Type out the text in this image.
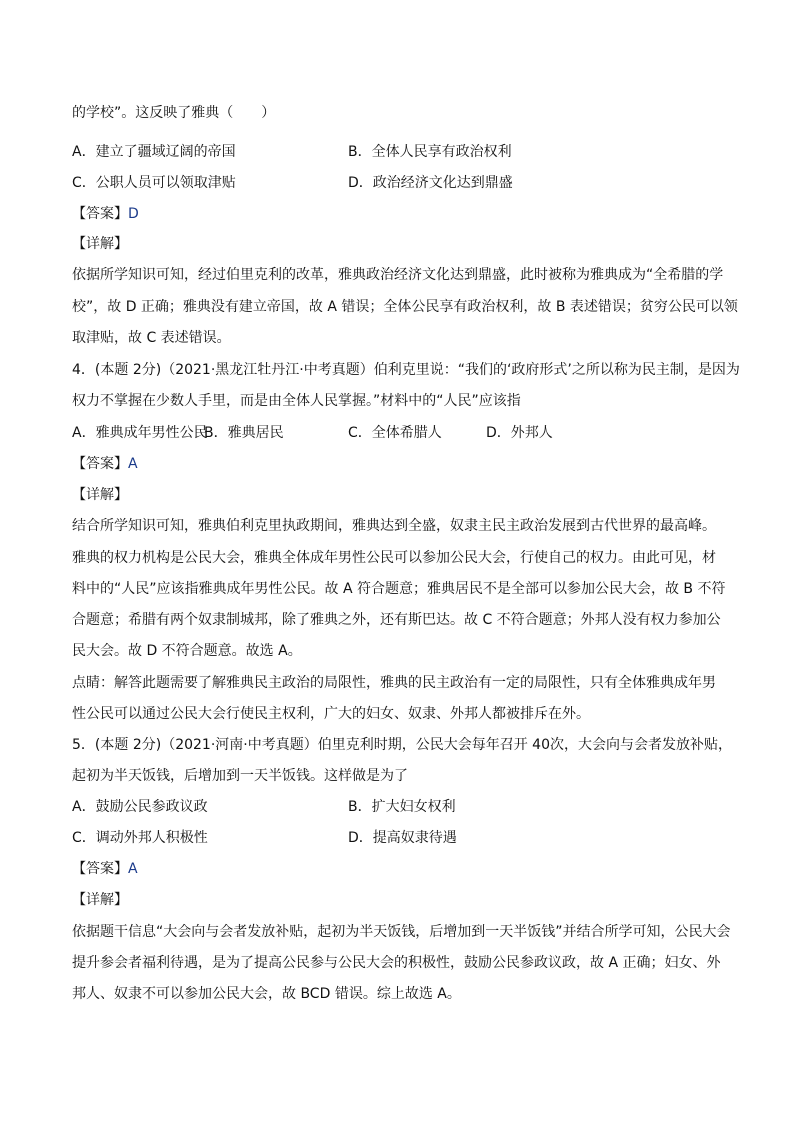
的学校”。这反映了雅典（　　）
A．建立了疆域辽阔的帝国	B．全体人民享有政治权利
C．公职人员可以领取津贴	D．政治经济文化达到鼎盛
【答案】D
【详解】
依据所学知识可知，经过伯里克利的改革，雅典政治经济文化达到鼎盛，此时被称为雅典成为“全希腊的学
校”，故 D 正确；雅典没有建立帝国，故 A 错误；全体公民享有政治权利，故 B 表述错误；贫穷公民可以领
取津贴，故 C 表述错误。
4．(本题 2分)（2021·黑龙江牡丹江·中考真题）伯利克里说：“我们的‘政府形式’之所以称为民主制，是因为
权力不掌握在少数人手里，而是由全体人民掌握。”材料中的“人民”应该指
A．雅典成年男性公民
B．雅典居民	C．全体希腊人	D．外邦人
【答案】A
【详解】
结合所学知识可知，雅典伯利克里执政期间，雅典达到全盛，奴隶主民主政治发展到古代世界的最高峰。
雅典的权力机构是公民大会，雅典全体成年男性公民可以参加公民大会，行使自己的权力。由此可见，材
料中的“人民”应该指雅典成年男性公民。故 A 符合题意；雅典居民不是全部可以参加公民大会，故 B 不符
合题意；希腊有两个奴隶制城邦，除了雅典之外，还有斯巴达。故 C 不符合题意；外邦人没有权力参加公
民大会。故 D 不符合题意。故选 A。
点睛：解答此题需要了解雅典民主政治的局限性，雅典的民主政治有一定的局限性，只有全体雅典成年男
性公民可以通过公民大会行使民主权利，广大的妇女、奴隶、外邦人都被排斥在外。
5．(本题 2分)（2021·河南·中考真题）伯里克利时期，公民大会每年召开 40次，大会向与会者发放补贴，
起初为半天饭钱，后增加到一天半饭钱。这样做是为了
A．鼓励公民参政议政	B．扩大妇女权利
C．调动外邦人积极性	D．提高奴隶待遇
【答案】A
【详解】
依据题干信息“大会向与会者发放补贴，起初为半天饭钱，后增加到一天半饭钱”并结合所学可知，公民大会
提升参会者福利待遇，是为了提高公民参与公民大会的积极性，鼓励公民参政议政，故 A 正确；妇女、外
邦人、奴隶不可以参加公民大会，故 BCD 错误。综上故选 A。
